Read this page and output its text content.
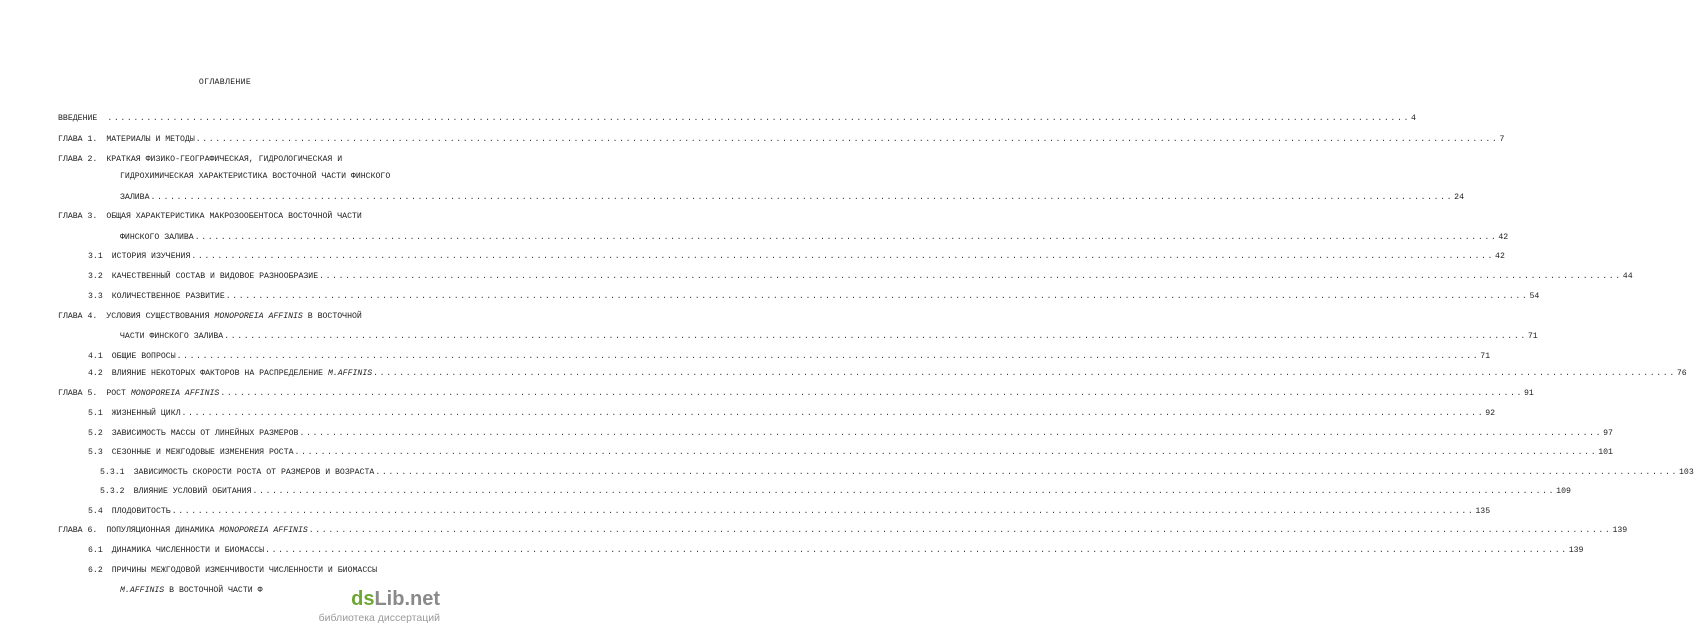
ОГЛАВЛЕНИЕ
ВВЕДЕНИЕ ........................................................................................................................................................................................................ 4
ГЛАВА 1. МАТЕРИАЛЫ И МЕТОДЫ ........................................................................................................................................................................................................ 7
ГЛАВА 2. КРАТКАЯ ФИЗИКО-ГЕОГРАФИЧЕСКАЯ, ГИДРОЛОГИЧЕСКАЯ И
ГИДРОХИМИЧЕСКАЯ ХАРАКТЕРИСТИКА ВОСТОЧНОЙ ЧАСТИ ФИНСКОГО
ЗАЛИВА ........................................................................................................................................................................................................ 24
ГЛАВА 3. ОБЩАЯ ХАРАКТЕРИСТИКА МАКРОЗООБЕНТОСА ВОСТОЧНОЙ ЧАСТИ
ФИНСКОГО ЗАЛИВА ........................................................................................................................................................................................................ 42
3.1 ИСТОРИЯ ИЗУЧЕНИЯ ........................................................................................................................................................................................................ 42
3.2 КАЧЕСТВЕННЫЙ СОСТАВ И ВИДОВОЕ РАЗНООБРАЗИЕ ........................................................................................................................................................................................................ 44
3.3 КОЛИЧЕСТВЕННОЕ РАЗВИТИЕ ........................................................................................................................................................................................................ 54
ГЛАВА 4. УСЛОВИЯ СУЩЕСТВОВАНИЯ MONOPOREIA AFFINIS В ВОСТОЧНОЙ
ЧАСТИ ФИНСКОГО ЗАЛИВА ........................................................................................................................................................................................................ 71
4.1 ОБЩИЕ ВОПРОСЫ ........................................................................................................................................................................................................ 71
4.2 ВЛИЯНИЕ НЕКОТОРЫХ ФАКТОРОВ НА РАСПРЕДЕЛЕНИЕ M.AFFINIS ........................................................................................................................................................................................................ 76
ГЛАВА 5. РОСТ MONOPOREIA AFFINIS ........................................................................................................................................................................................................ 91
5.1 ЖИЗНЕННЫЙ ЦИКЛ ........................................................................................................................................................................................................ 92
5.2 ЗАВИСИМОСТЬ МАССЫ ОТ ЛИНЕЙНЫХ РАЗМЕРОВ ........................................................................................................................................................................................................ 97
5.3 СЕЗОННЫЕ И МЕЖГОДОВЫЕ ИЗМЕНЕНИЯ РОСТА ........................................................................................................................................................................................................ 101
5.3.1 ЗАВИСИМОСТЬ СКОРОСТИ РОСТА ОТ РАЗМЕРОВ И ВОЗРАСТА ........................................................................................................................................................................................................ 103
5.3.2 ВЛИЯНИЕ УСЛОВИЙ ОБИТАНИЯ ........................................................................................................................................................................................................ 109
5.4 ПЛОДОВИТОСТЬ ........................................................................................................................................................................................................ 135
ГЛАВА 6. ПОПУЛЯЦИОННАЯ ДИНАМИКА MONOPOREIA AFFINIS ........................................................................................................................................................................................................ 139
6.1 ДИНАМИКА ЧИСЛЕННОСТИ И БИОМАССЫ ........................................................................................................................................................................................................ 139
6.2 ПРИЧИНЫ МЕЖГОДОВОЙ ИЗМЕНЧИВОСТИ ЧИСЛЕННОСТИ И БИОМАССЫ
M.AFFINIS В ВОСТОЧНОЙ ЧАСТИ Ф	dsLib.net
библиотека диссертаций
